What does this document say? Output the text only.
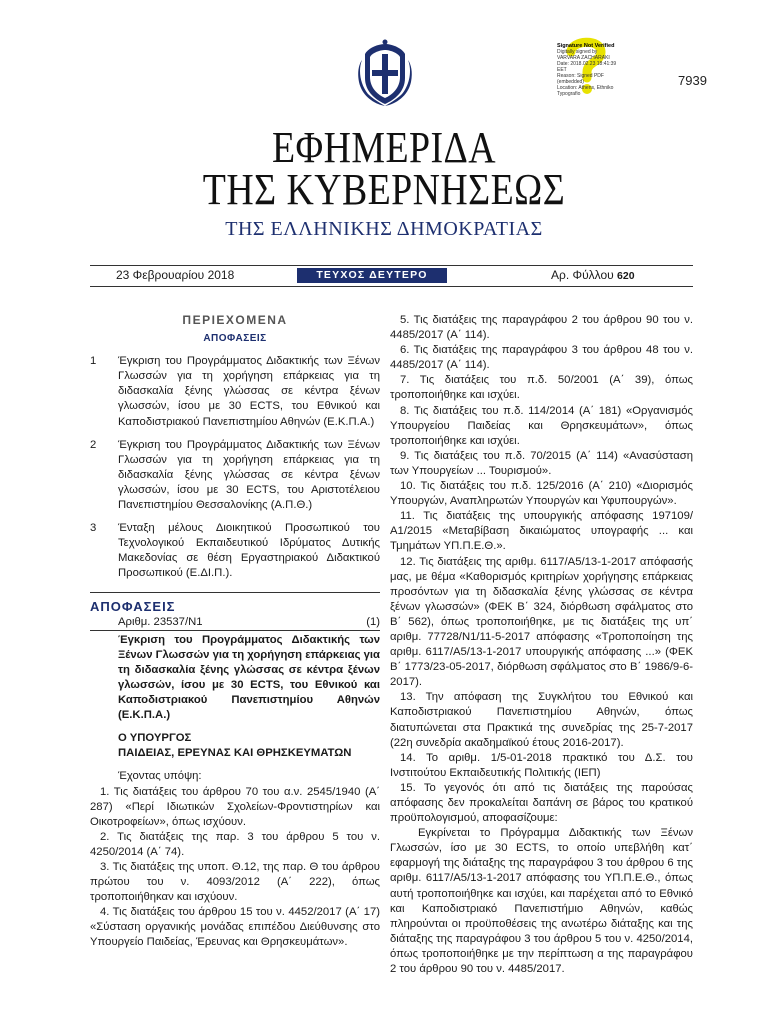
Signature Not Verified
Digitally signed by
VARVARA ZACHARAKI
Date: 2018.02.23 18:41:39
EET
Reason: Signed PDF
(embedded)
Location: Athens, Ethniko
Typografio
7939
ΕΦΗΜΕΡΙΔΑ
ΤΗΣ ΚΥΒΕΡΝΗΣΕΩΣ
ΤΗΣ ΕΛΛΗΝΙΚΗΣ ΔΗΜΟΚΡΑΤΙΑΣ
23 Φεβρουαρίου 2018	ΤΕΥΧΟΣ ΔΕΥΤΕΡΟ	Αρ. Φύλλου 620
ΠΕΡΙΕΧΟΜΕΝΑ
ΑΠΟΦΑΣΕΙΣ
1	Έγκριση του Προγράμματος Διδακτικής των Ξένων Γλωσσών για τη χορήγηση επάρκειας για τη διδασκαλία ξένης γλώσσας σε κέντρα ξένων γλωσσών, ίσου με 30 ECTS, του Εθνικού και Καποδιστριακού Πανεπιστημίου Αθηνών (Ε.Κ.Π.Α.)
2	Έγκριση του Προγράμματος Διδακτικής των Ξένων Γλωσσών για τη χορήγηση επάρκειας για τη διδασκαλία ξένης γλώσσας σε κέντρα ξένων γλωσσών, ίσου με 30 ECTS, του Αριστοτέλειου Πανεπιστημίου Θεσσαλονίκης (Α.Π.Θ.)
3	Ένταξη μέλους Διοικητικού Προσωπικού του Τεχνολογικού Εκπαιδευτικού Ιδρύματος Δυτικής Μακεδονίας σε θέση Εργαστηριακού Διδακτικού Προσωπικού (Ε.ΔΙ.Π.).
ΑΠΟΦΑΣΕΙΣ
Αριθμ. 23537/Ν1	(1)
Έγκριση του Προγράμματος Διδακτικής των Ξένων Γλωσσών για τη χορήγηση επάρκειας για τη διδασκαλία ξένης γλώσσας σε κέντρα ξένων γλωσσών, ίσου με 30 ECTS, του Εθνικού και Καποδιστριακού Πανεπιστημίου Αθηνών (Ε.Κ.Π.Α.)
Ο ΥΠΟΥΡΓΟΣ
ΠΑΙΔΕΙΑΣ, ΕΡΕΥΝΑΣ ΚΑΙ ΘΡΗΣΚΕΥΜΑΤΩΝ
Έχοντας υπόψη:
1. Τις διατάξεις του άρθρου 70 του α.ν. 2545/1940 (Α΄ 287) «Περί Ιδιωτικών Σχολείων-Φροντιστηρίων και Οικοτροφείων», όπως ισχύουν.
2. Τις διατάξεις της παρ. 3 του άρθρου 5 του ν. 4250/2014 (Α΄ 74).
3. Τις διατάξεις της υποπ. Θ.12, της παρ. Θ του άρθρου πρώτου του ν. 4093/2012 (Α΄ 222), όπως τροποποιήθηκαν και ισχύουν.
4. Τις διατάξεις του άρθρου 15 του ν. 4452/2017 (Α΄ 17) «Σύσταση οργανικής μονάδας επιπέδου Διεύθυνσης στο Υπουργείο Παιδείας, Έρευνας και Θρησκευμάτων».
5. Τις διατάξεις της παραγράφου 2 του άρθρου 90 του ν. 4485/2017 (Α΄ 114).
6. Τις διατάξεις της παραγράφου 3 του άρθρου 48 του ν. 4485/2017 (Α΄ 114).
7. Τις διατάξεις του π.δ. 50/2001 (Α΄ 39), όπως τροποποιήθηκε και ισχύει.
8. Τις διατάξεις του π.δ. 114/2014 (Α΄ 181) «Οργανισμός Υπουργείου Παιδείας και Θρησκευμάτων», όπως τροποποιήθηκε και ισχύει.
9. Τις διατάξεις του π.δ. 70/2015 (Α΄ 114) «Ανασύσταση των Υπουργείων ... Τουρισμού».
10. Τις διατάξεις του π.δ. 125/2016 (Α΄ 210) «Διορισμός Υπουργών, Αναπληρωτών Υπουργών και Υφυπουργών».
11. Τις διατάξεις της υπουργικής απόφασης 197109/Α1/2015 «Μεταβίβαση δικαιώματος υπογραφής ... και Τμημάτων ΥΠ.Π.Ε.Θ.».
12. Τις διατάξεις της αριθμ. 6117/Α5/13-1-2017 απόφασής μας, με θέμα «Καθορισμός κριτηρίων χορήγησης επάρκειας προσόντων για τη διδασκαλία ξένης γλώσσας σε κέντρα ξένων γλωσσών» (ΦΕΚ Β΄ 324, διόρθωση σφάλματος στο Β΄ 562), όπως τροποποιήθηκε, με τις διατάξεις της υπ΄ αριθμ. 77728/Ν1/11-5-2017 απόφασης «Τροποποίηση της αριθμ. 6117/Α5/13-1-2017 υπουργικής απόφασης ...» (ΦΕΚ Β΄ 1773/23-05-2017, διόρθωση σφάλματος στο Β΄ 1986/9-6-2017).
13. Την απόφαση της Συγκλήτου του Εθνικού και Καποδιστριακού Πανεπιστημίου Αθηνών, όπως διατυπώνεται στα Πρακτικά της συνεδρίας της 25-7-2017 (22η συνεδρία ακαδημαϊκού έτους 2016-2017).
14. Το αριθμ. 1/5-01-2018 πρακτικό του Δ.Σ. του Ινστιτούτου Εκπαιδευτικής Πολιτικής (ΙΕΠ)
15. Το γεγονός ότι από τις διατάξεις της παρούσας απόφασης δεν προκαλείται δαπάνη σε βάρος του κρατικού προϋπολογισμού, αποφασίζουμε:
Εγκρίνεται το Πρόγραμμα Διδακτικής των Ξένων Γλωσσών, ίσο με 30 ECTS, το οποίο υπεβλήθη κατ΄ εφαρμογή της διάταξης της παραγράφου 3 του άρθρου 6 της αριθμ. 6117/Α5/13-1-2017 απόφασης του ΥΠ.Π.Ε.Θ., όπως αυτή τροποποιήθηκε και ισχύει, και παρέχεται από το Εθνικό και Καποδιστριακό Πανεπιστήμιο Αθηνών, καθώς πληρούνται οι προϋποθέσεις της ανωτέρω διάταξης και της διάταξης της παραγράφου 3 του άρθρου 5 του ν. 4250/2014, όπως τροποποιήθηκε με την περίπτωση α της παραγράφου 2 του άρθρου 90 του ν. 4485/2017.
